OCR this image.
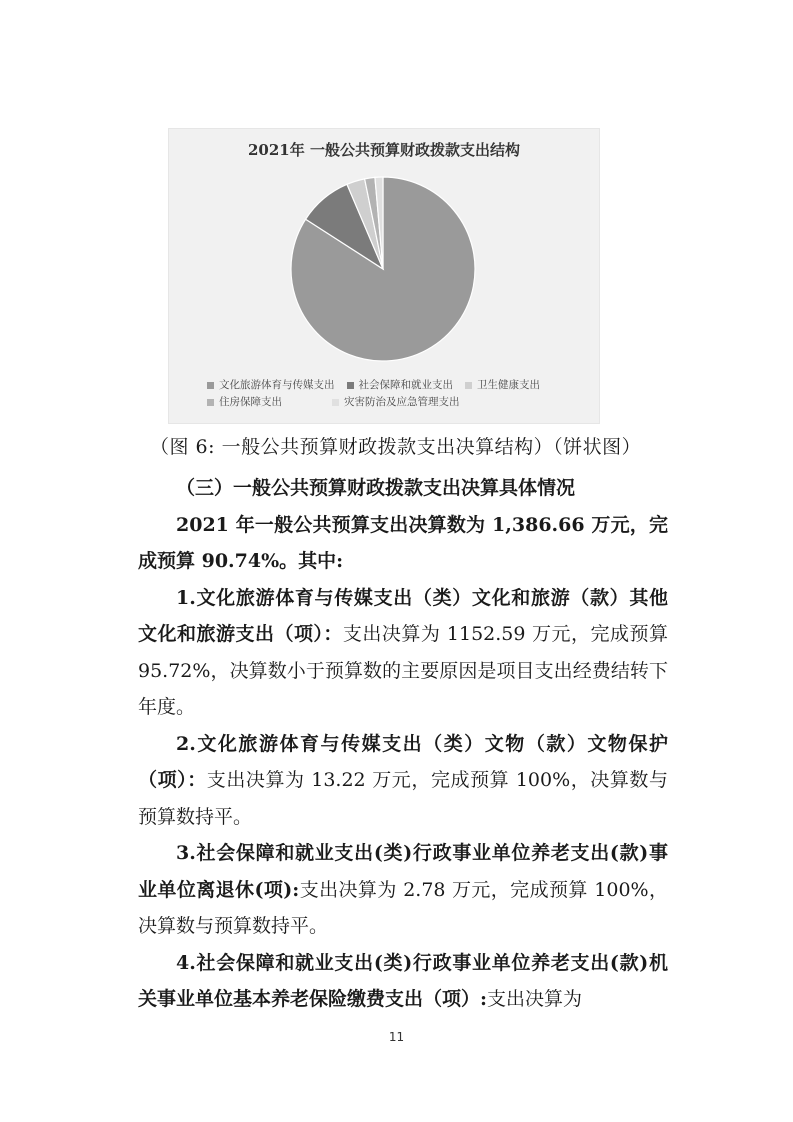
2021年 一般公共预算财政拨款支出结构
文化旅游体育与传媒支出 社会保障和就业支出 卫生健康支出
住房保障支出	灾害防治及应急管理支出
（图 6: 一般公共预算财政拨款支出决算结构）（饼状图）

（三）一般公共预算财政拨款支出决算具体情况

2021 年一般公共预算支出决算数为 1,386.66 万元，完成预算 90.74%。其中:

1.文化旅游体育与传媒支出（类）文化和旅游（款）其他文化和旅游支出（项）：支出决算为 1152.59 万元，完成预算 95.72%，决算数小于预算数的主要原因是项目支出经费结转下年度。

2.文化旅游体育与传媒支出（类）文物（款）文物保护（项）：支出决算为 13.22 万元，完成预算 100%，决算数与预算数持平。

3.社会保障和就业支出(类)行政事业单位养老支出(款)事业单位离退休(项):支出决算为 2.78 万元，完成预算 100%，决算数与预算数持平。

4.社会保障和就业支出(类)行政事业单位养老支出(款)机关事业单位基本养老保险缴费支出（项）:支出决算为

11
